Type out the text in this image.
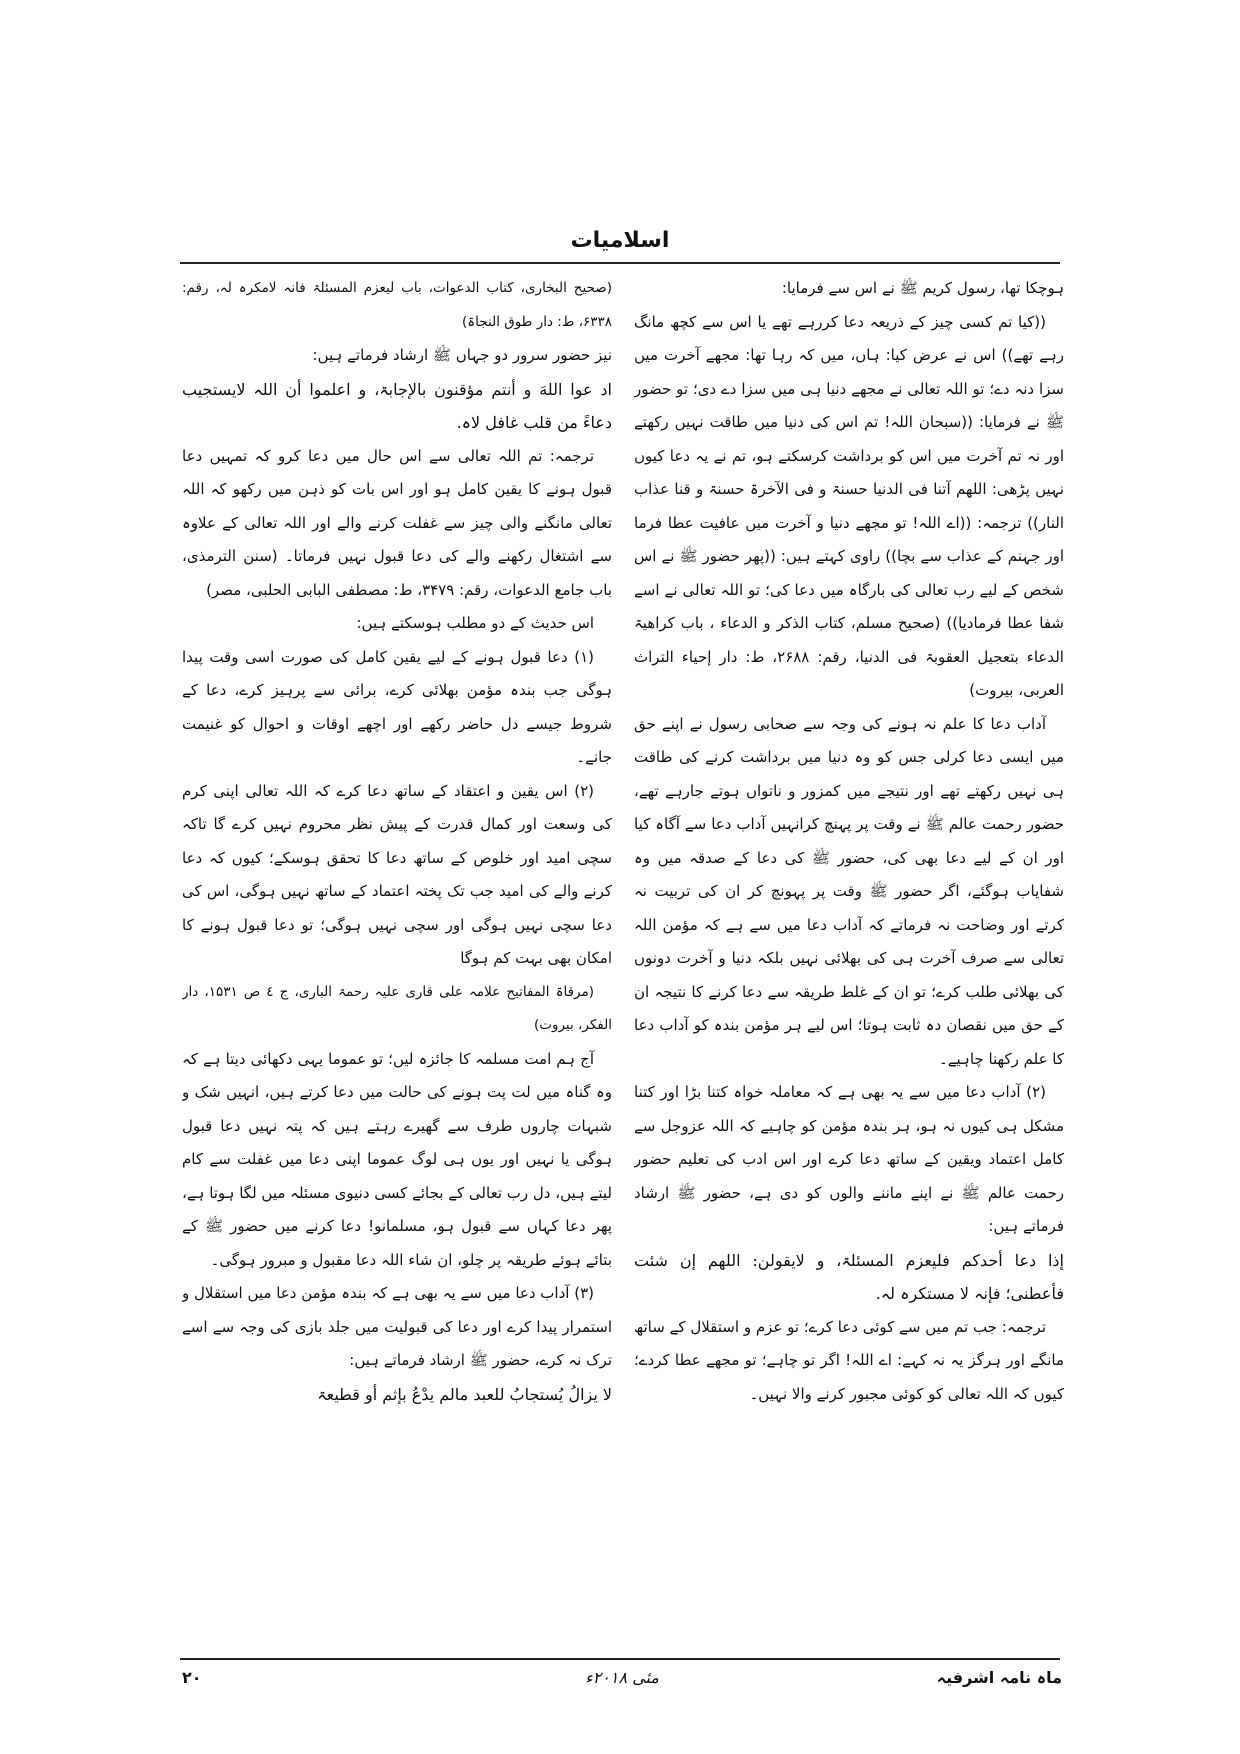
اسلامیات

ہوچکا تھا، رسول کریم ﷺ نے اس سے فرمایا:

((کیا تم کسی چیز کے ذریعہ دعا کررہے تھے یا اس سے کچھ مانگ رہے تھے)) اس نے عرض کیا: ہاں، میں کہ رہا تھا: مجھے آخرت میں سزا دنہ دے؛ تو اللہ تعالی نے مجھے دنیا ہی میں سزا دے دی؛ تو حضور ﷺ نے فرمایا: ((سبحان اللہ! تم اس کی دنیا میں طاقت نہیں رکھتے اور نہ تم آخرت میں اس کو برداشت کرسکتے ہو، تم نے یہ دعا کیوں نہیں پڑھی: اللھم آتنا فی الدنیا حسنۃ و فی الآخرۃ حسنۃ و قنا عذاب النار)) ترجمہ: ((اے اللہ! تو مجھے دنیا و آخرت میں عافیت عطا فرما اور جہنم کے عذاب سے بچا)) راوی کہتے ہیں: ((پھر حضور ﷺ نے اس شخص کے لیے رب تعالی کی بارگاہ میں دعا کی؛ تو اللہ تعالی نے اسے شفا عطا فرمادیا)) (صحیح مسلم، کتاب الذکر و الدعاء ، باب کراھیۃ الدعاء بتعجیل العقوبۃ فی الدنیا، رقم: ۲۶۸۸، ط: دار إحیاء التراث العربی، بیروت)

آداب دعا کا علم نہ ہونے کی وجہ سے صحابی رسول نے اپنے حق میں ایسی دعا کرلی جس کو وہ دنیا میں برداشت کرنے کی طاقت ہی نہیں رکھتے تھے اور نتیجے میں کمزور و ناتواں ہوتے جارہے تھے، حضور رحمت عالم ﷺ نے وقت پر پہنچ کرانہیں آداب دعا سے آگاہ کیا اور ان کے لیے دعا بھی کی، حضور ﷺ کی دعا کے صدقہ میں وہ شفایاب ہوگئے، اگر حضور ﷺ وقت پر پہونچ کر ان کی تربیت نہ کرتے اور وضاحت نہ فرماتے کہ آداب دعا میں سے ہے کہ مؤمن اللہ تعالی سے صرف آخرت ہی کی بھلائی نہیں بلکہ دنیا و آخرت دونوں کی بھلائی طلب کرے؛ تو ان کے غلط طریقہ سے دعا کرنے کا نتیجہ ان کے حق میں نقصان دہ ثابت ہوتا؛ اس لیے ہر مؤمن بندہ کو آداب دعا کا علم رکھنا چاہیے۔

(۲) آداب دعا میں سے یہ بھی ہے کہ معاملہ خواہ کتنا بڑا اور کتنا مشکل ہی کیوں نہ ہو، ہر بندہ مؤمن کو چاہیے کہ اللہ عزوجل سے کامل اعتماد ویقین کے ساتھ دعا کرے اور اس ادب کی تعلیم حضور رحمت عالم ﷺ نے اپنے ماننے والوں کو دی ہے، حضور ﷺ ارشاد فرماتے ہیں:

إذا دعا أحدکم فلیعزم المسئلۃ، و لایقولن: اللھم إن شئت فأعطنی؛ فإنہ لا مستکرہ لہ.

ترجمہ: جب تم میں سے کوئی دعا کرے؛ تو عزم و استقلال کے ساتھ مانگے اور ہرگز یہ نہ کہے: اے اللہ! اگر تو چاہے؛ تو مجھے عطا کردے؛ کیوں کہ اللہ تعالی کو کوئی مجبور کرنے والا نہیں۔

(صحیح البخاری، کتاب الدعوات، باب لیعزم المسئلۃ فانہ لامکرہ لہ، رقم: ۶۳۳۸، ط: دار طوق النجاۃ)

نیز حضور سرور دو جہاں ﷺ ارشاد فرماتے ہیں:

اد عوا اللهَ و أنتم مؤقنون بالإجابۃ، و اعلموا أن اللہ لایستجیب دعاءً من قلب غافل لاہ.

ترجمہ: تم اللہ تعالی سے اس حال میں دعا کرو کہ تمہیں دعا قبول ہونے کا یقین کامل ہو اور اس بات کو ذہن میں رکھو کہ اللہ تعالی مانگنے والی چیز سے غفلت کرنے والے اور اللہ تعالی کے علاوہ سے اشتغال رکھنے والے کی دعا قبول نہیں فرماتا۔ (سنن الترمذی، باب جامع الدعوات، رقم: ۳۴۷۹، ط: مصطفی البابی الحلبی، مصر)

اس حدیث کے دو مطلب ہوسکتے ہیں:

(۱) دعا قبول ہونے کے لیے یقین کامل کی صورت اسی وقت پیدا ہوگی جب بندہ مؤمن بھلائی کرے، برائی سے پرہیز کرے، دعا کے شروط جیسے دل حاضر رکھے اور اچھے اوقات و احوال کو غنیمت جانے۔

(۲) اس یقین و اعتقاد کے ساتھ دعا کرے کہ اللہ تعالی اپنی کرم کی وسعت اور کمال قدرت کے پیش نظر محروم نہیں کرے گا تاکہ سچی امید اور خلوص کے ساتھ دعا کا تحقق ہوسکے؛ کیوں کہ دعا کرنے والے کی امید جب تک پختہ اعتماد کے ساتھ نہیں ہوگی، اس کی دعا سچی نہیں ہوگی اور سچی نہیں ہوگی؛ تو دعا قبول ہونے کا امکان بھی بہت کم ہوگا

(مرقاۃ المفاتیح علامہ علی قاری علیہ رحمۃ الباری، ج ٤ ص ۱۵۳۱، دار الفکر، بیروت)

آج ہم امت مسلمہ کا جائزہ لیں؛ تو عموما یہی دکھائی دیتا ہے کہ وہ گناہ میں لت پت ہونے کی حالت میں دعا کرتے ہیں، انہیں شک و شبہات چاروں طرف سے گھیرے رہتے ہیں کہ پتہ نہیں دعا قبول ہوگی یا نہیں اور یوں ہی لوگ عموما اپنی دعا میں غفلت سے کام لیتے ہیں، دل رب تعالی کے بجائے کسی دنیوی مسئلہ میں لگا ہوتا ہے، پھر دعا کہاں سے قبول ہو، مسلمانو! دعا کرنے میں حضور ﷺ کے بتائے ہوئے طریقہ پر چلو، ان شاء اللہ دعا مقبول و مبرور ہوگی۔

(۳) آداب دعا میں سے یہ بھی ہے کہ بندہ مؤمن دعا میں استقلال و استمرار پیدا کرے اور دعا کی قبولیت میں جلد بازی کی وجہ سے اسے ترک نہ کرے، حضور ﷺ ارشاد فرماتے ہیں:

لا یزالُ یُستجابُ للعبد مالم یدْعُ بإثم أو قطیعۃ

ماہ نامہ اشرفیہ
مئی ۲۰۱۸ء
۲۰
